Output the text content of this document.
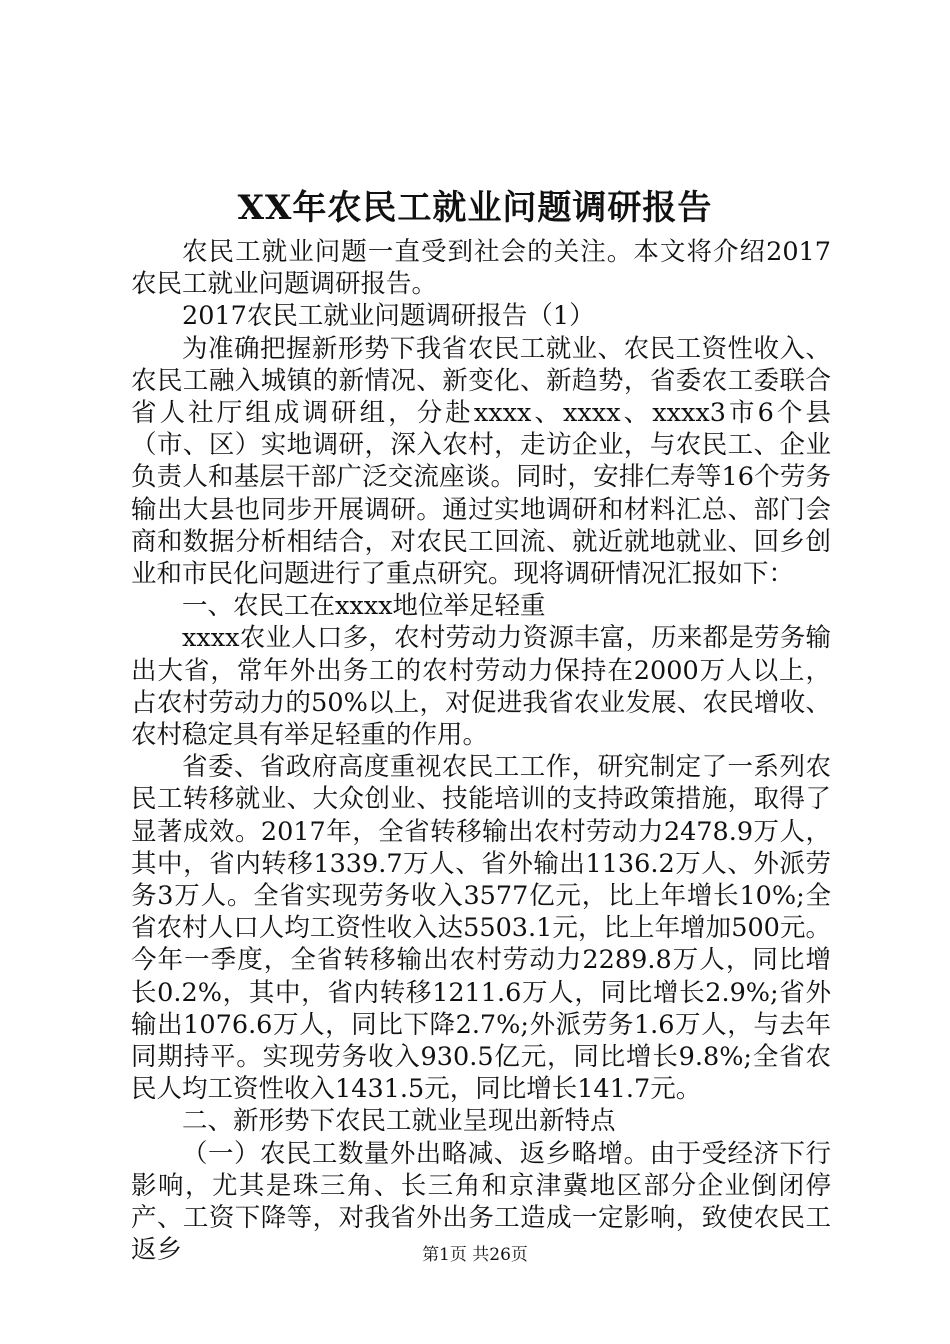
XX年农民工就业问题调研报告

农民工就业问题一直受到社会的关注。本文将介绍2017农民工就业问题调研报告。

2017农民工就业问题调研报告（1）

为准确把握新形势下我省农民工就业、农民工资性收入、农民工融入城镇的新情况、新变化、新趋势，省委农工委联合省人社厅组成调研组，分赴xxxx、xxxx、xxxx3市6个县（市、区）实地调研，深入农村，走访企业，与农民工、企业负责人和基层干部广泛交流座谈。同时，安排仁寿等16个劳务输出大县也同步开展调研。通过实地调研和材料汇总、部门会商和数据分析相结合，对农民工回流、就近就地就业、回乡创业和市民化问题进行了重点研究。现将调研情况汇报如下：

一、农民工在xxxx地位举足轻重

xxxx农业人口多，农村劳动力资源丰富，历来都是劳务输出大省，常年外出务工的农村劳动力保持在2000万人以上，占农村劳动力的50%以上，对促进我省农业发展、农民增收、农村稳定具有举足轻重的作用。

省委、省政府高度重视农民工工作，研究制定了一系列农民工转移就业、大众创业、技能培训的支持政策措施，取得了显著成效。2017年，全省转移输出农村劳动力2478.9万人，其中，省内转移1339.7万人、省外输出1136.2万人、外派劳务3万人。全省实现劳务收入3577亿元，比上年增长10%;全省农村人口人均工资性收入达5503.1元，比上年增加500元。今年一季度，全省转移输出农村劳动力2289.8万人，同比增长0.2%，其中，省内转移1211.6万人，同比增长2.9%;省外输出1076.6万人，同比下降2.7%;外派劳务1.6万人，与去年同期持平。实现劳务收入930.5亿元，同比增长9.8%;全省农民人均工资性收入1431.5元，同比增长141.7元。

二、新形势下农民工就业呈现出新特点

（一）农民工数量外出略减、返乡略增。由于受经济下行影响，尤其是珠三角、长三角和京津冀地区部分企业倒闭停产、工资下降等，对我省外出务工造成一定影响，致使农民工返乡	第1页 共26页
